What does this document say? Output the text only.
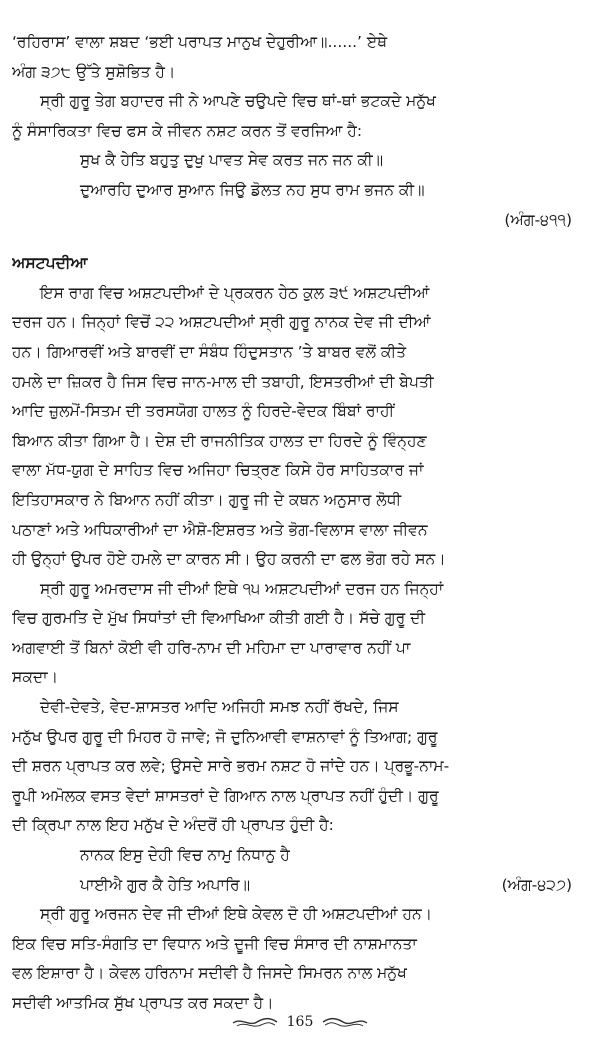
‘ਰਹਿਰਾਸ’ ਵਾਲਾ ਸ਼ਬਦ ‘ਭਈ ਪਰਾਪਤ ਮਾਨੁਖ ਦੇਹੁਰੀਆ॥......’ ਏਥੇ
ਅੰਗ ੩੭੮ ਉੱਤੇ ਸੁਸ਼ੋਭਿਤ ਹੈ।
ਸ੍ਰੀ ਗੁਰੂ ਤੇਗ ਬਹਾਦਰ ਜੀ ਨੇ ਆਪਣੇ ਚਉਪਦੇ ਵਿਚ ਥਾਂ-ਥਾਂ ਭਟਕਦੇ ਮਨੁੱਖ
ਨੂੰ ਸੰਸਾਰਿਕਤਾ ਵਿਚ ਫਸ ਕੇ ਜੀਵਨ ਨਸ਼ਟ ਕਰਨ ਤੋਂ ਵਰਜਿਆ ਹੈ:
ਸੁਖ ਕੈ ਹੇਤਿ ਬਹੁਤੁ ਦੁਖੁ ਪਾਵਤ ਸੇਵ ਕਰਤ ਜਨ ਜਨ ਕੀ॥
ਦੁਆਰਹਿ ਦੁਆਰ ਸੁਆਨ ਜਿਉ ਡੋਲਤ ਨਹ ਸੁਧ ਰਾਮ ਭਜਨ ਕੀ॥
(ਅੰਗ-੪੧੧)
ਅਸਟਪਦੀਆ
ਇਸ ਰਾਗ ਵਿਚ ਅਸ਼ਟਪਦੀਆਂ ਦੇ ਪ੍ਰਕਰਨ ਹੇਠ ਕੁਲ ੩੯ ਅਸ਼ਟਪਦੀਆਂ
ਦਰਜ ਹਨ। ਜਿਨ੍ਹਾਂ ਵਿਚੋਂ ੨੨ ਅਸ਼ਟਪਦੀਆਂ ਸ੍ਰੀ ਗੁਰੂ ਨਾਨਕ ਦੇਵ ਜੀ ਦੀਆਂ
ਹਨ। ਗਿਆਰਵੀਂ ਅਤੇ ਬਾਰਵੀਂ ਦਾ ਸੰਬੰਧ ਹਿੰਦੁਸਤਾਨ ’ਤੇ ਬਾਬਰ ਵਲੋਂ ਕੀਤੇ
ਹਮਲੇ ਦਾ ਜ਼ਿਕਰ ਹੈ ਜਿਸ ਵਿਚ ਜਾਨ-ਮਾਲ ਦੀ ਤਬਾਹੀ, ਇਸਤਰੀਆਂ ਦੀ ਬੇਪਤੀ
ਆਦਿ ਜ਼ੁਲਮੋਂ-ਸਿਤਮ ਦੀ ਤਰਸਯੋਗ ਹਾਲਤ ਨੂੰ ਹਿਰਦੇ-ਵੇਦਕ ਬਿੰਬਾਂ ਰਾਹੀਂ
ਬਿਆਨ ਕੀਤਾ ਗਿਆ ਹੈ। ਦੇਸ਼ ਦੀ ਰਾਜਨੀਤਿਕ ਹਾਲਤ ਦਾ ਹਿਰਦੇ ਨੂੰ ਵਿੰਨ੍ਹਣ
ਵਾਲਾ ਮੱਧ-ਯੁਗ ਦੇ ਸਾਹਿਤ ਵਿਚ ਅਜਿਹਾ ਚਿਤ੍ਰਣ ਕਿਸੇ ਹੋਰ ਸਾਹਿਤਕਾਰ ਜਾਂ
ਇਤਿਹਾਸਕਾਰ ਨੇ ਬਿਆਨ ਨਹੀਂ ਕੀਤਾ। ਗੁਰੂ ਜੀ ਦੇ ਕਥਨ ਅਨੁਸਾਰ ਲੋਧੀ
ਪਠਾਣਾਂ ਅਤੇ ਅਧਿਕਾਰੀਆਂ ਦਾ ਐਸ਼ੋ-ਇਸ਼ਰਤ ਅਤੇ ਭੋਗ-ਵਿਲਾਸ ਵਾਲਾ ਜੀਵਨ
ਹੀ ਉਨ੍ਹਾਂ ਉਪਰ ਹੋਏ ਹਮਲੇ ਦਾ ਕਾਰਨ ਸੀ। ਉਹ ਕਰਨੀ ਦਾ ਫਲ ਭੋਗ ਰਹੇ ਸਨ।
ਸ੍ਰੀ ਗੁਰੂ ਅਮਰਦਾਸ ਜੀ ਦੀਆਂ ਇਥੇ ੧੫ ਅਸ਼ਟਪਦੀਆਂ ਦਰਜ ਹਨ ਜਿਨ੍ਹਾਂ
ਵਿਚ ਗੁਰਮਤਿ ਦੇ ਮੁੱਖ ਸਿਧਾਂਤਾਂ ਦੀ ਵਿਆਖਿਆ ਕੀਤੀ ਗਈ ਹੈ। ਸੱਚੇ ਗੁਰੂ ਦੀ
ਅਗਵਾਈ ਤੋਂ ਬਿਨਾਂ ਕੋਈ ਵੀ ਹਰਿ-ਨਾਮ ਦੀ ਮਹਿਮਾ ਦਾ ਪਾਰਾਵਾਰ ਨਹੀਂ ਪਾ
ਸਕਦਾ।
ਦੇਵੀ-ਦੇਵਤੇ, ਵੇਦ-ਸ਼ਾਸਤਰ ਆਦਿ ਅਜਿਹੀ ਸਮਝ ਨਹੀਂ ਰੱਖਦੇ, ਜਿਸ
ਮਨੁੱਖ ਉਪਰ ਗੁਰੂ ਦੀ ਮਿਹਰ ਹੋ ਜਾਵੇ; ਜੋ ਦੁਨਿਆਵੀ ਵਾਸ਼ਨਾਵਾਂ ਨੂੰ ਤਿਆਗ; ਗੁਰੂ
ਦੀ ਸ਼ਰਨ ਪ੍ਰਾਪਤ ਕਰ ਲਵੇ; ਉਸਦੇ ਸਾਰੇ ਭਰਮ ਨਸ਼ਟ ਹੋ ਜਾਂਦੇ ਹਨ। ਪ੍ਰਭੂ-ਨਾਮ-
ਰੂਪੀ ਅਮੋਲਕ ਵਸਤ ਵੇਦਾਂ ਸ਼ਾਸਤਰਾਂ ਦੇ ਗਿਆਨ ਨਾਲ ਪ੍ਰਾਪਤ ਨਹੀਂ ਹੁੰਦੀ। ਗੁਰੂ
ਦੀ ਕ੍ਰਿਪਾ ਨਾਲ ਇਹ ਮਨੁੱਖ ਦੇ ਅੰਦਰੋਂ ਹੀ ਪ੍ਰਾਪਤ ਹੁੰਦੀ ਹੈ:
ਨਾਨਕ ਇਸੁ ਦੇਹੀ ਵਿਚ ਨਾਮੁ ਨਿਧਾਨੁ ਹੈ
ਪਾਈਐ ਗੁਰ ਕੈ ਹੇਤਿ ਅਪਾਰਿ॥	(ਅੰਗ-੪੨੭)
ਸ੍ਰੀ ਗੁਰੂ ਅਰਜਨ ਦੇਵ ਜੀ ਦੀਆਂ ਇਥੇ ਕੇਵਲ ਦੋ ਹੀ ਅਸ਼ਟਪਦੀਆਂ ਹਨ।
ਇਕ ਵਿਚ ਸਤਿ-ਸੰਗਤਿ ਦਾ ਵਿਧਾਨ ਅਤੇ ਦੂਜੀ ਵਿਚ ਸੰਸਾਰ ਦੀ ਨਾਸ਼ਮਾਨਤਾ
ਵਲ ਇਸ਼ਾਰਾ ਹੈ। ਕੇਵਲ ਹਰਿਨਾਮ ਸਦੀਵੀ ਹੈ ਜਿਸਦੇ ਸਿਮਰਨ ਨਾਲ ਮਨੁੱਖ
ਸਦੀਵੀ ਆਤਮਿਕ ਸੁੱਖ ਪ੍ਰਾਪਤ ਕਰ ਸਕਦਾ ਹੈ।
165
